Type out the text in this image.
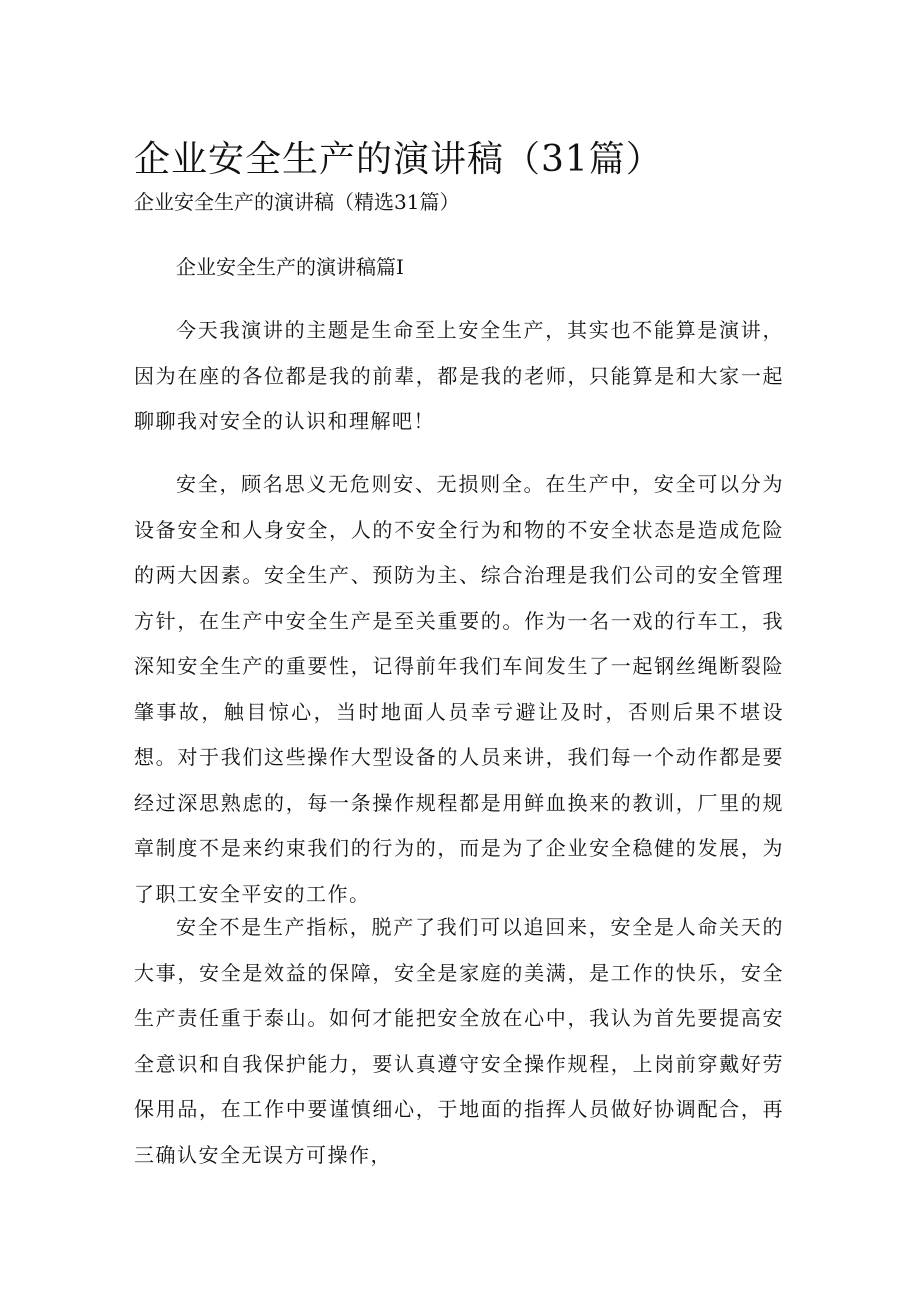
企业安全生产的演讲稿（31篇）
企业安全生产的演讲稿（精选31篇）
企业安全生产的演讲稿篇I

今天我演讲的主题是生命至上安全生产，其实也不能算是演讲，因为在座的各位都是我的前辈，都是我的老师，只能算是和大家一起聊聊我对安全的认识和理解吧！

安全，顾名思义无危则安、无损则全。在生产中，安全可以分为设备安全和人身安全，人的不安全行为和物的不安全状态是造成危险的两大因素。安全生产、预防为主、综合治理是我们公司的安全管理方针，在生产中安全生产是至关重要的。作为一名一戏的行车工，我深知安全生产的重要性，记得前年我们车间发生了一起钢丝绳断裂险肇事故，触目惊心，当时地面人员幸亏避让及时，否则后果不堪设想。对于我们这些操作大型设备的人员来讲，我们每一个动作都是要经过深思熟虑的，每一条操作规程都是用鲜血换来的教训，厂里的规章制度不是来约束我们的行为的，而是为了企业安全稳健的发展，为了职工安全平安的工作。

安全不是生产指标，脱产了我们可以追回来，安全是人命关天的大事，安全是效益的保障，安全是家庭的美满，是工作的快乐，安全生产责任重于泰山。如何才能把安全放在心中，我认为首先要提高安全意识和自我保护能力，要认真遵守安全操作规程，上岗前穿戴好劳保用品，在工作中要谨慎细心，于地面的指挥人员做好协调配合，再三确认安全无误方可操作，
